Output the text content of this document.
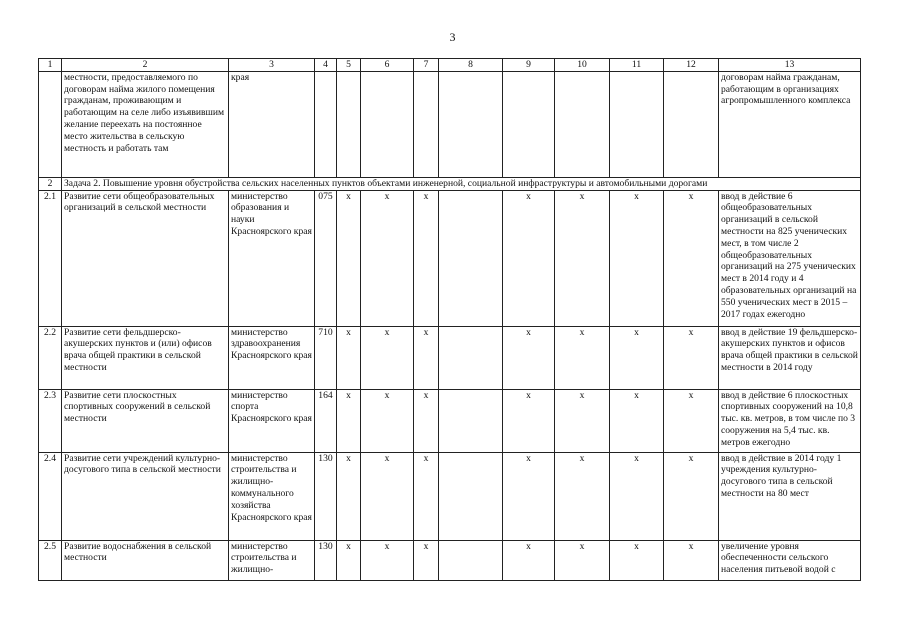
3
1	2	3	4	5	6	7	8	9	10	11	12	13
	местности, предоставляемого по договорам найма жилого помещения гражданам, проживающим и работающим на селе либо изъявившим желание переехать на постоянное место жительства в сельскую местность и работать там	края										договорам найма гражданам, работающим в организациях агропромышленного комплекса
2	Задача 2. Повышение уровня обустройства сельских населенных пунктов объектами инженерной, социальной инфраструктуры и автомобильными дорогами											
2.1	Развитие сети общеобразовательных организаций в сельской местности	министерство образования и науки Красноярского края	075	x	x	x		x	x	x	x	ввод в действие 6 общеобразовательных организаций в сельской местности на 825 ученических мест, в том числе 2 общеобразовательных организаций на 275 ученических мест в 2014 году и 4 образовательных организаций на 550 ученических мест в 2015 – 2017 годах ежегодно
2.2	Развитие сети фельдшерско-акушерских пунктов и (или) офисов врача общей практики в сельской местности	министерство здравоохранения Красноярского края	710	x	x	x		x	x	x	x	ввод в действие 19 фельдшерско-акушерских пунктов и офисов врача общей практики в сельской местности в 2014 году
2.3	Развитие сети плоскостных спортивных сооружений в сельской местности	министерство спорта Красноярского края	164	x	x	x		x	x	x	x	ввод в действие 6 плоскостных спортивных сооружений на 10,8 тыс. кв. метров, в том числе по 3 сооружения на 5,4 тыс. кв. метров ежегодно
2.4	Развитие сети учреждений культурно-досугового типа в сельской местности	министерство строительства и жилищно-коммунального хозяйства Красноярского края	130	x	x	x		x	x	x	x	ввод в действие в 2014 году 1 учреждения культурно-досугового типа в сельской местности на 80 мест
2.5	Развитие водоснабжения в сельской местности	министерство строительства и жилищно-	130	x	x	x		x	x	x	x	увеличение уровня обеспеченности сельского населения питьевой водой с
